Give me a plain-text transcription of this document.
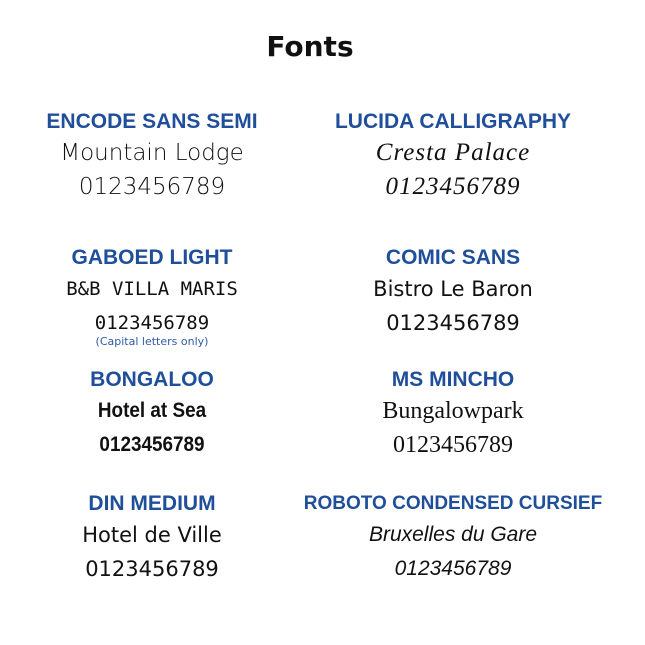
Fonts
ENCODE SANS SEMI
Mountain Lodge
0123456789
LUCIDA CALLIGRAPHY
Cresta Palace
0123456789
GABOED LIGHT
B&B VILLA MARIS
0123456789
(Capital letters only)
COMIC SANS
Bistro Le Baron
0123456789
BONGALOO
Hotel at Sea
0123456789
MS MINCHO
Bungalowpark
0123456789
DIN MEDIUM
Hotel de Ville
0123456789
ROBOTO CONDENSED CURSIEF
Bruxelles du Gare
0123456789
